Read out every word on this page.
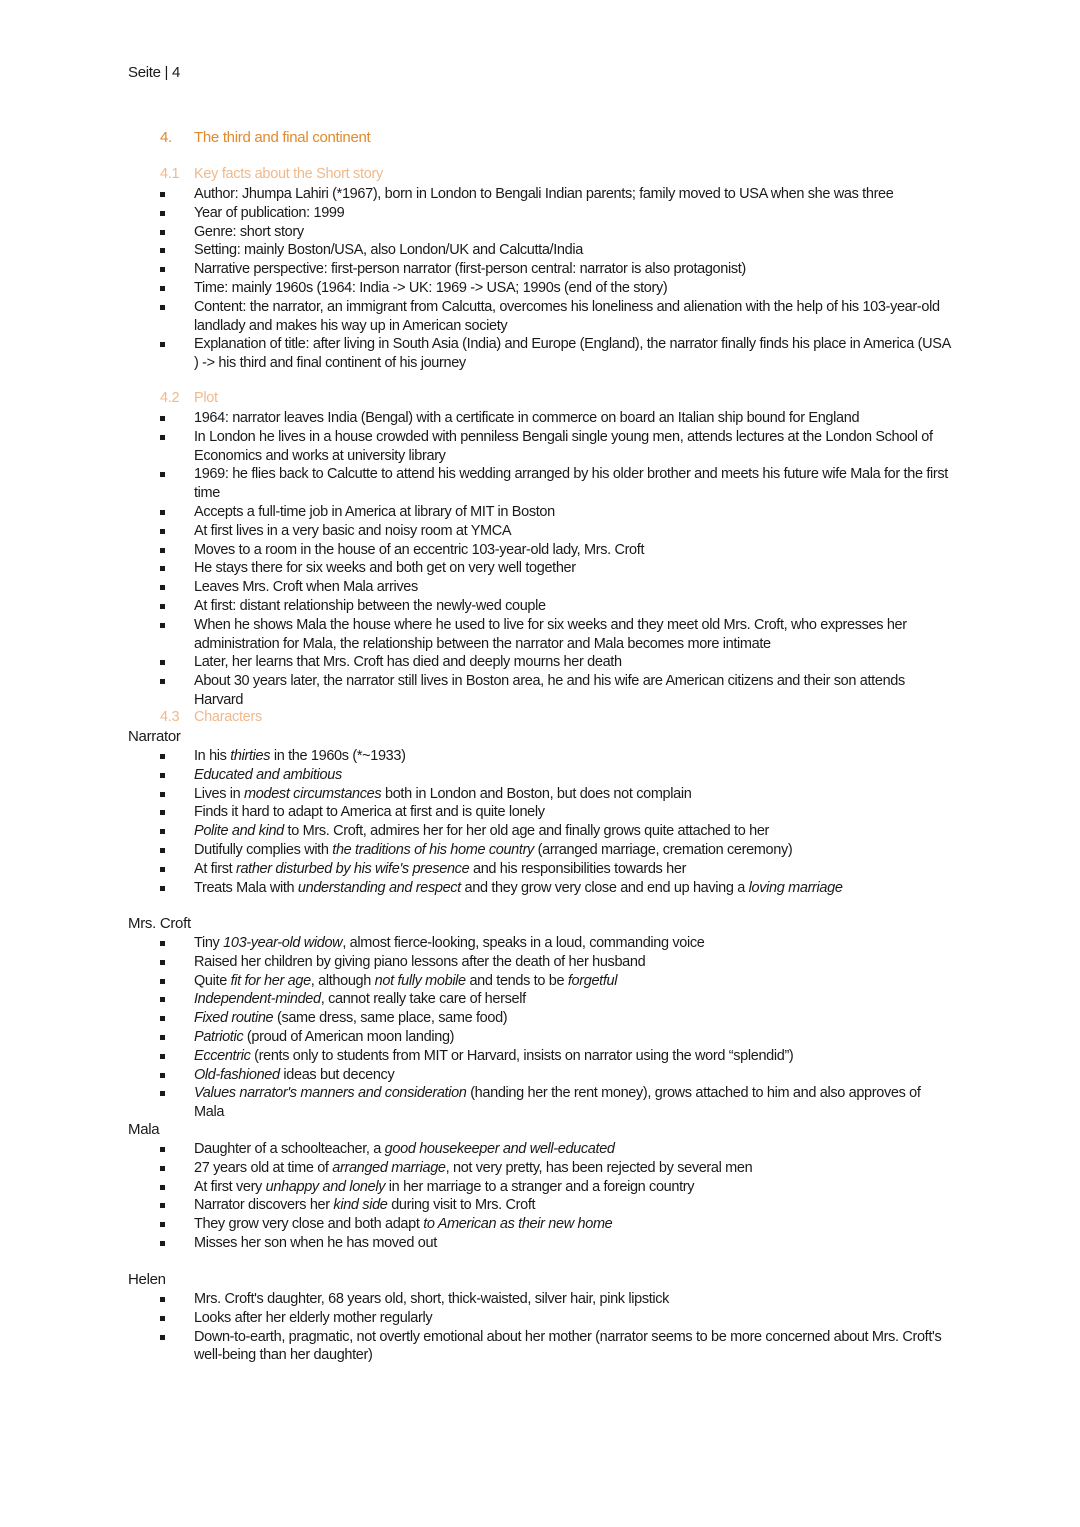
Seite | 4
4. The third and final continent
4.1 Key facts about the Short story
Author: Jhumpa Lahiri (*1967), born in London to Bengali Indian parents; family moved to USA when she was three
Year of publication: 1999
Genre: short story
Setting: mainly Boston/USA, also London/UK and Calcutta/India
Narrative perspective: first-person narrator (first-person central: narrator is also protagonist)
Time: mainly 1960s (1964: India -> UK: 1969 -> USA; 1990s (end of the story)
Content: the narrator, an immigrant from Calcutta, overcomes his loneliness and alienation with the help of his 103-year-old landlady and makes his way up in American society
Explanation of title: after living in South Asia (India) and Europe (England), the narrator finally finds his place in America (USA ) -> his third and final continent of his journey
4.2 Plot
1964: narrator leaves India (Bengal) with a certificate in commerce on board an Italian ship bound for England
In London he lives in a house crowded with penniless Bengali single young men, attends lectures at the London School of Economics and works at university library
1969: he flies back to Calcutte to attend his wedding arranged by his older brother and meets his future wife Mala for the first time
Accepts a full-time job in America at library of MIT in Boston
At first lives in a very basic and noisy room at YMCA
Moves to a room in the house of an eccentric 103-year-old lady, Mrs. Croft
He stays there for six weeks and both get on very well together
Leaves Mrs. Croft when Mala arrives
At first: distant relationship between the newly-wed couple
When he shows Mala the house where he used to live for six weeks and they meet old Mrs. Croft, who expresses her administration for Mala, the relationship between the narrator and Mala becomes more intimate
Later, her learns that Mrs. Croft has died and deeply mourns her death
About 30 years later, the narrator still lives in Boston area, he and his wife are American citizens and their son attends Harvard
4.3 Characters
Narrator
In his thirties in the 1960s (*~1933)
Educated and ambitious
Lives in modest circumstances both in London and Boston, but does not complain
Finds it hard to adapt to America at first and is quite lonely
Polite and kind to Mrs. Croft, admires her for her old age and finally grows quite attached to her
Dutifully complies with the traditions of his home country (arranged marriage, cremation ceremony)
At first rather disturbed by his wife's presence and his responsibilities towards her
Treats Mala with understanding and respect and they grow very close and end up having a loving marriage
Mrs. Croft
Tiny 103-year-old widow, almost fierce-looking, speaks in a loud, commanding voice
Raised her children by giving piano lessons after the death of her husband
Quite fit for her age, although not fully mobile and tends to be forgetful
Independent-minded, cannot really take care of herself
Fixed routine (same dress, same place, same food)
Patriotic (proud of American moon landing)
Eccentric (rents only to students from MIT or Harvard, insists on narrator using the word “splendid”)
Old-fashioned ideas but decency
Values narrator's manners and consideration (handing her the rent money), grows attached to him and also approves of Mala
Mala
Daughter of a schoolteacher, a good housekeeper and well-educated
27 years old at time of arranged marriage, not very pretty, has been rejected by several men
At first very unhappy and lonely in her marriage to a stranger and a foreign country
Narrator discovers her kind side during visit to Mrs. Croft
They grow very close and both adapt to American as their new home
Misses her son when he has moved out
Helen
Mrs. Croft's daughter, 68 years old, short, thick-waisted, silver hair, pink lipstick
Looks after her elderly mother regularly
Down-to-earth, pragmatic, not overtly emotional about her mother (narrator seems to be more concerned about Mrs. Croft's well-being than her daughter)
